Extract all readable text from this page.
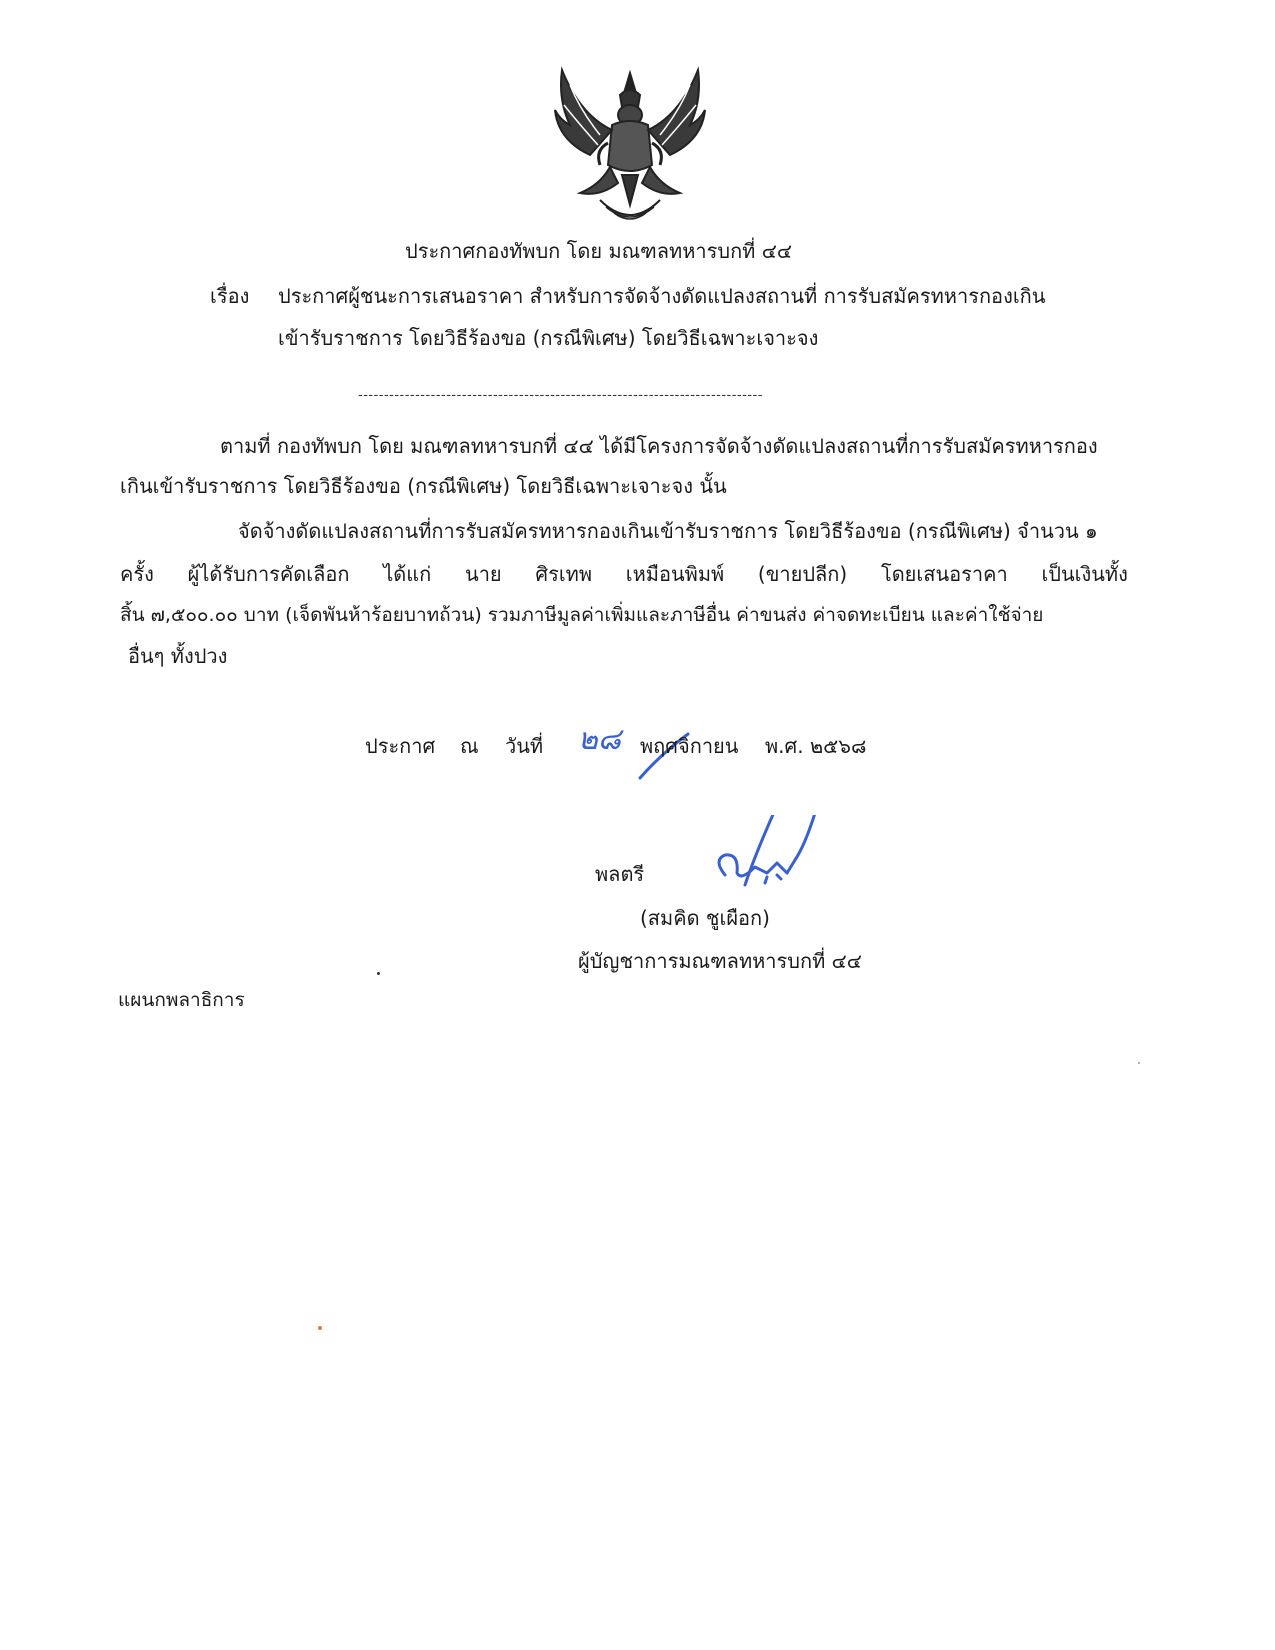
ประกาศกองทัพบก โดย มณฑลทหารบกที่ ๔๔
เรื่อง ประกาศผู้ชนะการเสนอราคา สำหรับการจัดจ้างดัดแปลงสถานที่ การรับสมัครทหารกองเกิน
เข้ารับราชการ โดยวิธีร้องขอ (กรณีพิเศษ) โดยวิธีเฉพาะเจาะจง
------------------------------------------------------------------------------
ตามที่ กองทัพบก โดย มณฑลทหารบกที่ ๔๔ ได้มีโครงการจัดจ้างดัดแปลงสถานที่การรับสมัครทหารกอง
เกินเข้ารับราชการ โดยวิธีร้องขอ (กรณีพิเศษ) โดยวิธีเฉพาะเจาะจง นั้น
จัดจ้างดัดแปลงสถานที่การรับสมัครทหารกองเกินเข้ารับราชการ โดยวิธีร้องขอ (กรณีพิเศษ) จำนวน ๑
ครั้ง ผู้ได้รับการคัดเลือก ได้แก่ นาย ศิรเทพ เหมือนพิมพ์ (ขายปลีก) โดยเสนอราคา เป็นเงินทั้ง
สิ้น ๗,๕๐๐.๐๐ บาท (เจ็ดพันห้าร้อยบาทถ้วน) รวมภาษีมูลค่าเพิ่มและภาษีอื่น ค่าขนส่ง ค่าจดทะเบียน และค่าใช้จ่าย
อื่นๆ ทั้งปวง
ประกาศ ณ วันที่ ๒๘ พฤศจิกายน พ.ศ. ๒๕๖๘
พลตรี
(สมคิด ชูเผือก)
ผู้บัญชาการมณฑลทหารบกที่ ๔๔
แผนกพลาธิการ
